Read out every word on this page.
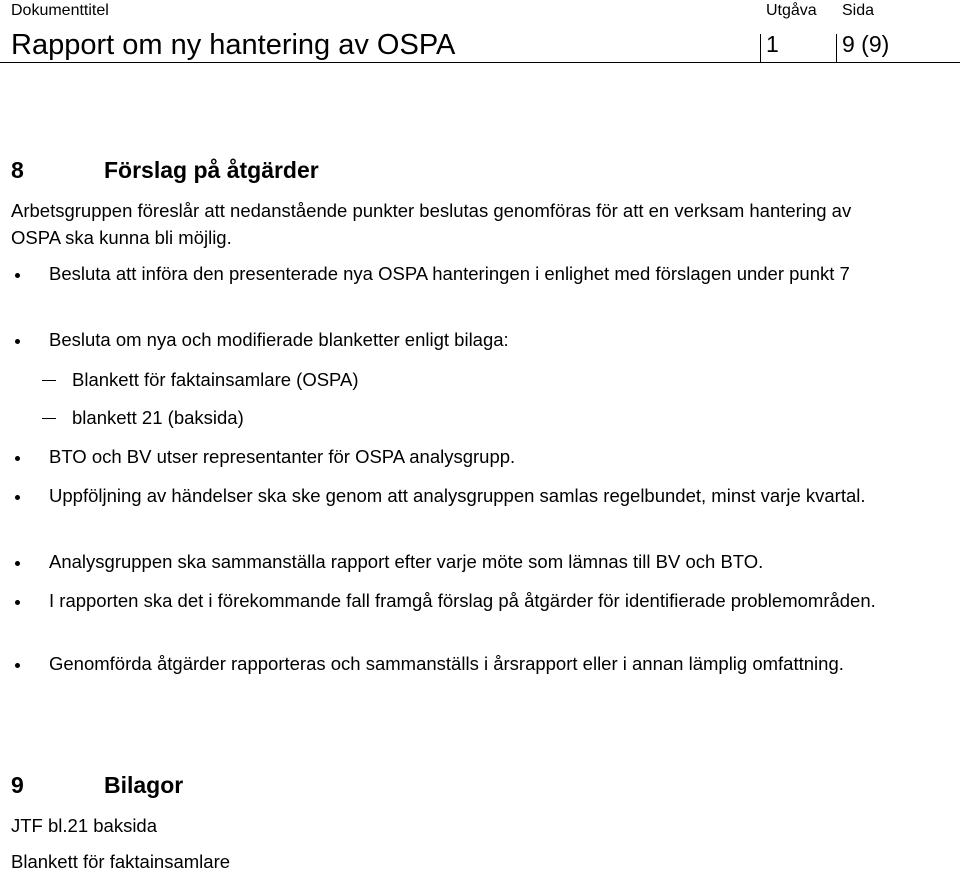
Dokumenttitel	Utgåva Sida
Rapport om ny hantering av OSPA	1	9 (9)
8	Förslag på åtgärder
Arbetsgruppen föreslår att nedanstående punkter beslutas genomföras för att en verksam hantering av OSPA ska kunna bli möjlig.
Besluta att införa den presenterade nya OSPA hanteringen i enlighet med förslagen under punkt 7
Besluta om nya och modifierade blanketter enligt bilaga:
Blankett för faktainsamlare (OSPA)
blankett 21 (baksida)
BTO och BV utser representanter för OSPA analysgrupp.
Uppföljning av händelser ska ske genom att analysgruppen samlas regelbundet, minst varje kvartal.
Analysgruppen ska sammanställa rapport efter varje möte som lämnas till BV och BTO.
I rapporten ska det i förekommande fall framgå förslag på åtgärder för identifierade problemområden.
Genomförda åtgärder rapporteras och sammanställs i årsrapport eller i annan lämplig omfattning.
9	Bilagor
JTF bl.21 baksida
Blankett för faktainsamlare
